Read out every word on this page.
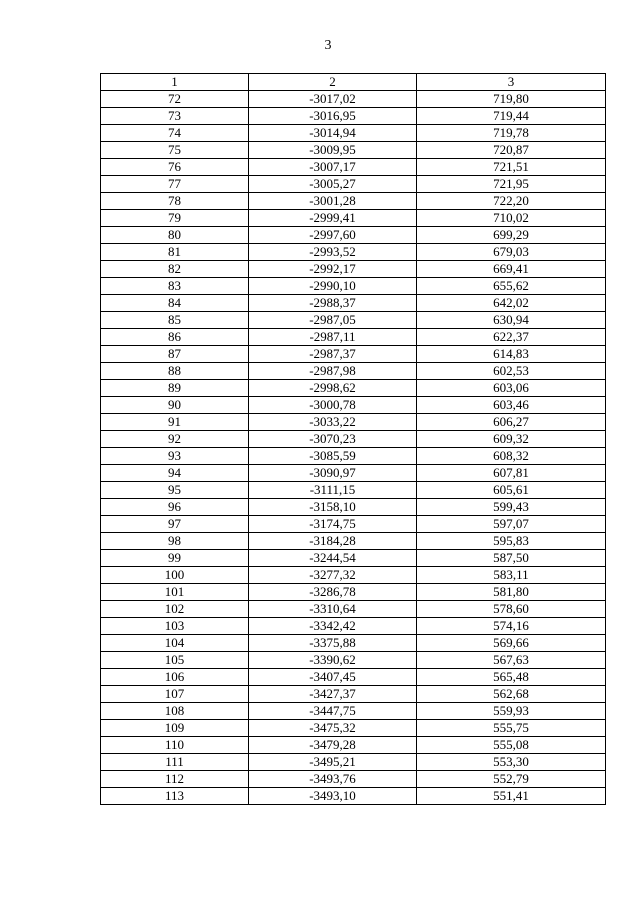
3
1	2	3
72	-3017,02	719,80
73	-3016,95	719,44
74	-3014,94	719,78
75	-3009,95	720,87
76	-3007,17	721,51
77	-3005,27	721,95
78	-3001,28	722,20
79	-2999,41	710,02
80	-2997,60	699,29
81	-2993,52	679,03
82	-2992,17	669,41
83	-2990,10	655,62
84	-2988,37	642,02
85	-2987,05	630,94
86	-2987,11	622,37
87	-2987,37	614,83
88	-2987,98	602,53
89	-2998,62	603,06
90	-3000,78	603,46
91	-3033,22	606,27
92	-3070,23	609,32
93	-3085,59	608,32
94	-3090,97	607,81
95	-3111,15	605,61
96	-3158,10	599,43
97	-3174,75	597,07
98	-3184,28	595,83
99	-3244,54	587,50
100	-3277,32	583,11
101	-3286,78	581,80
102	-3310,64	578,60
103	-3342,42	574,16
104	-3375,88	569,66
105	-3390,62	567,63
106	-3407,45	565,48
107	-3427,37	562,68
108	-3447,75	559,93
109	-3475,32	555,75
110	-3479,28	555,08
111	-3495,21	553,30
112	-3493,76	552,79
113	-3493,10	551,41
